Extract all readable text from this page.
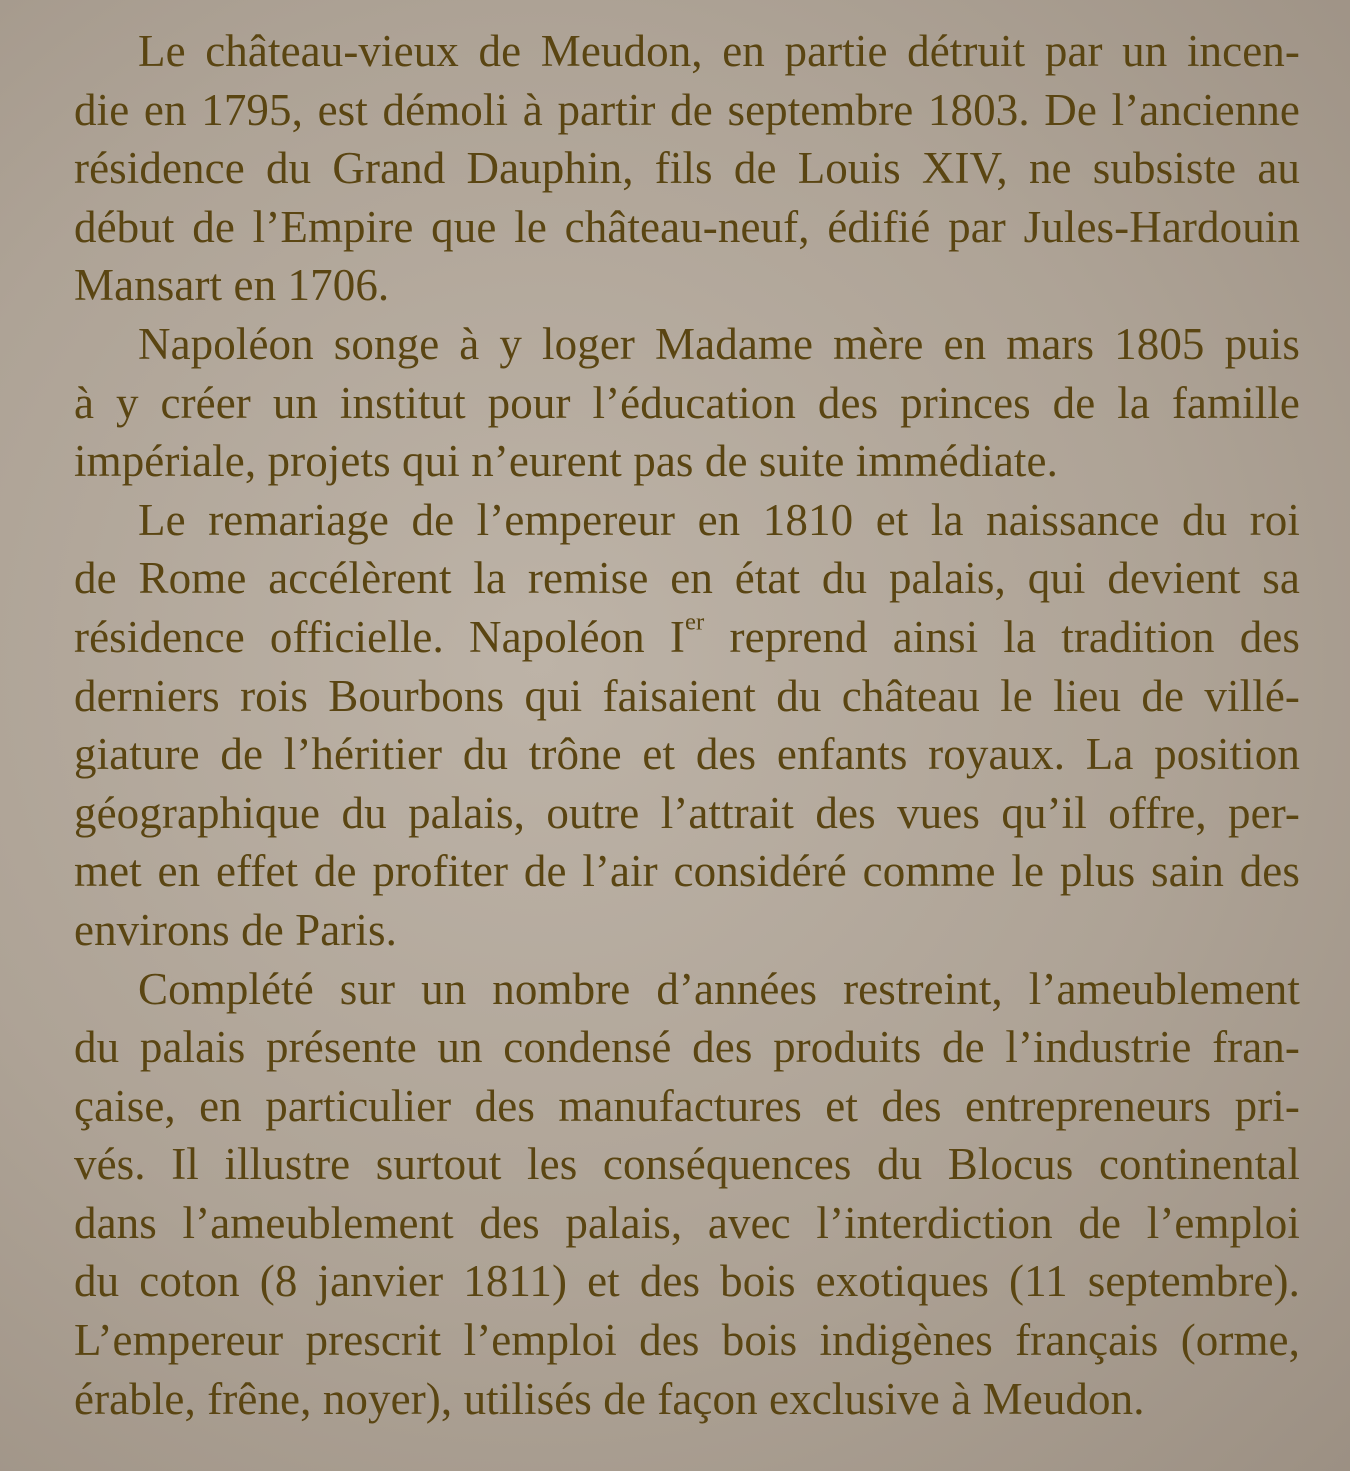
Le château-vieux de Meudon, en partie détruit par un incen-
die en 1795, est démoli à partir de septembre 1803. De l’ancienne
résidence du Grand Dauphin, fils de Louis XIV, ne subsiste au
début de l’Empire que le château-neuf, édifié par Jules-Hardouin
Mansart en 1706.
Napoléon songe à y loger Madame mère en mars 1805 puis
à y créer un institut pour l’éducation des princes de la famille
impériale, projets qui n’eurent pas de suite immédiate.
Le remariage de l’empereur en 1810 et la naissance du roi
de Rome accélèrent la remise en état du palais, qui devient sa
résidence officielle. Napoléon Ier reprend ainsi la tradition des
derniers rois Bourbons qui faisaient du château le lieu de villé-
giature de l’héritier du trône et des enfants royaux. La position
géographique du palais, outre l’attrait des vues qu’il offre, per-
met en effet de profiter de l’air considéré comme le plus sain des
environs de Paris.
Complété sur un nombre d’années restreint, l’ameublement
du palais présente un condensé des produits de l’industrie fran-
çaise, en particulier des manufactures et des entrepreneurs pri-
vés. Il illustre surtout les conséquences du Blocus continental
dans l’ameublement des palais, avec l’interdiction de l’emploi
du coton (8 janvier 1811) et des bois exotiques (11 septembre).
L’empereur prescrit l’emploi des bois indigènes français (orme,
érable, frêne, noyer), utilisés de façon exclusive à Meudon.
